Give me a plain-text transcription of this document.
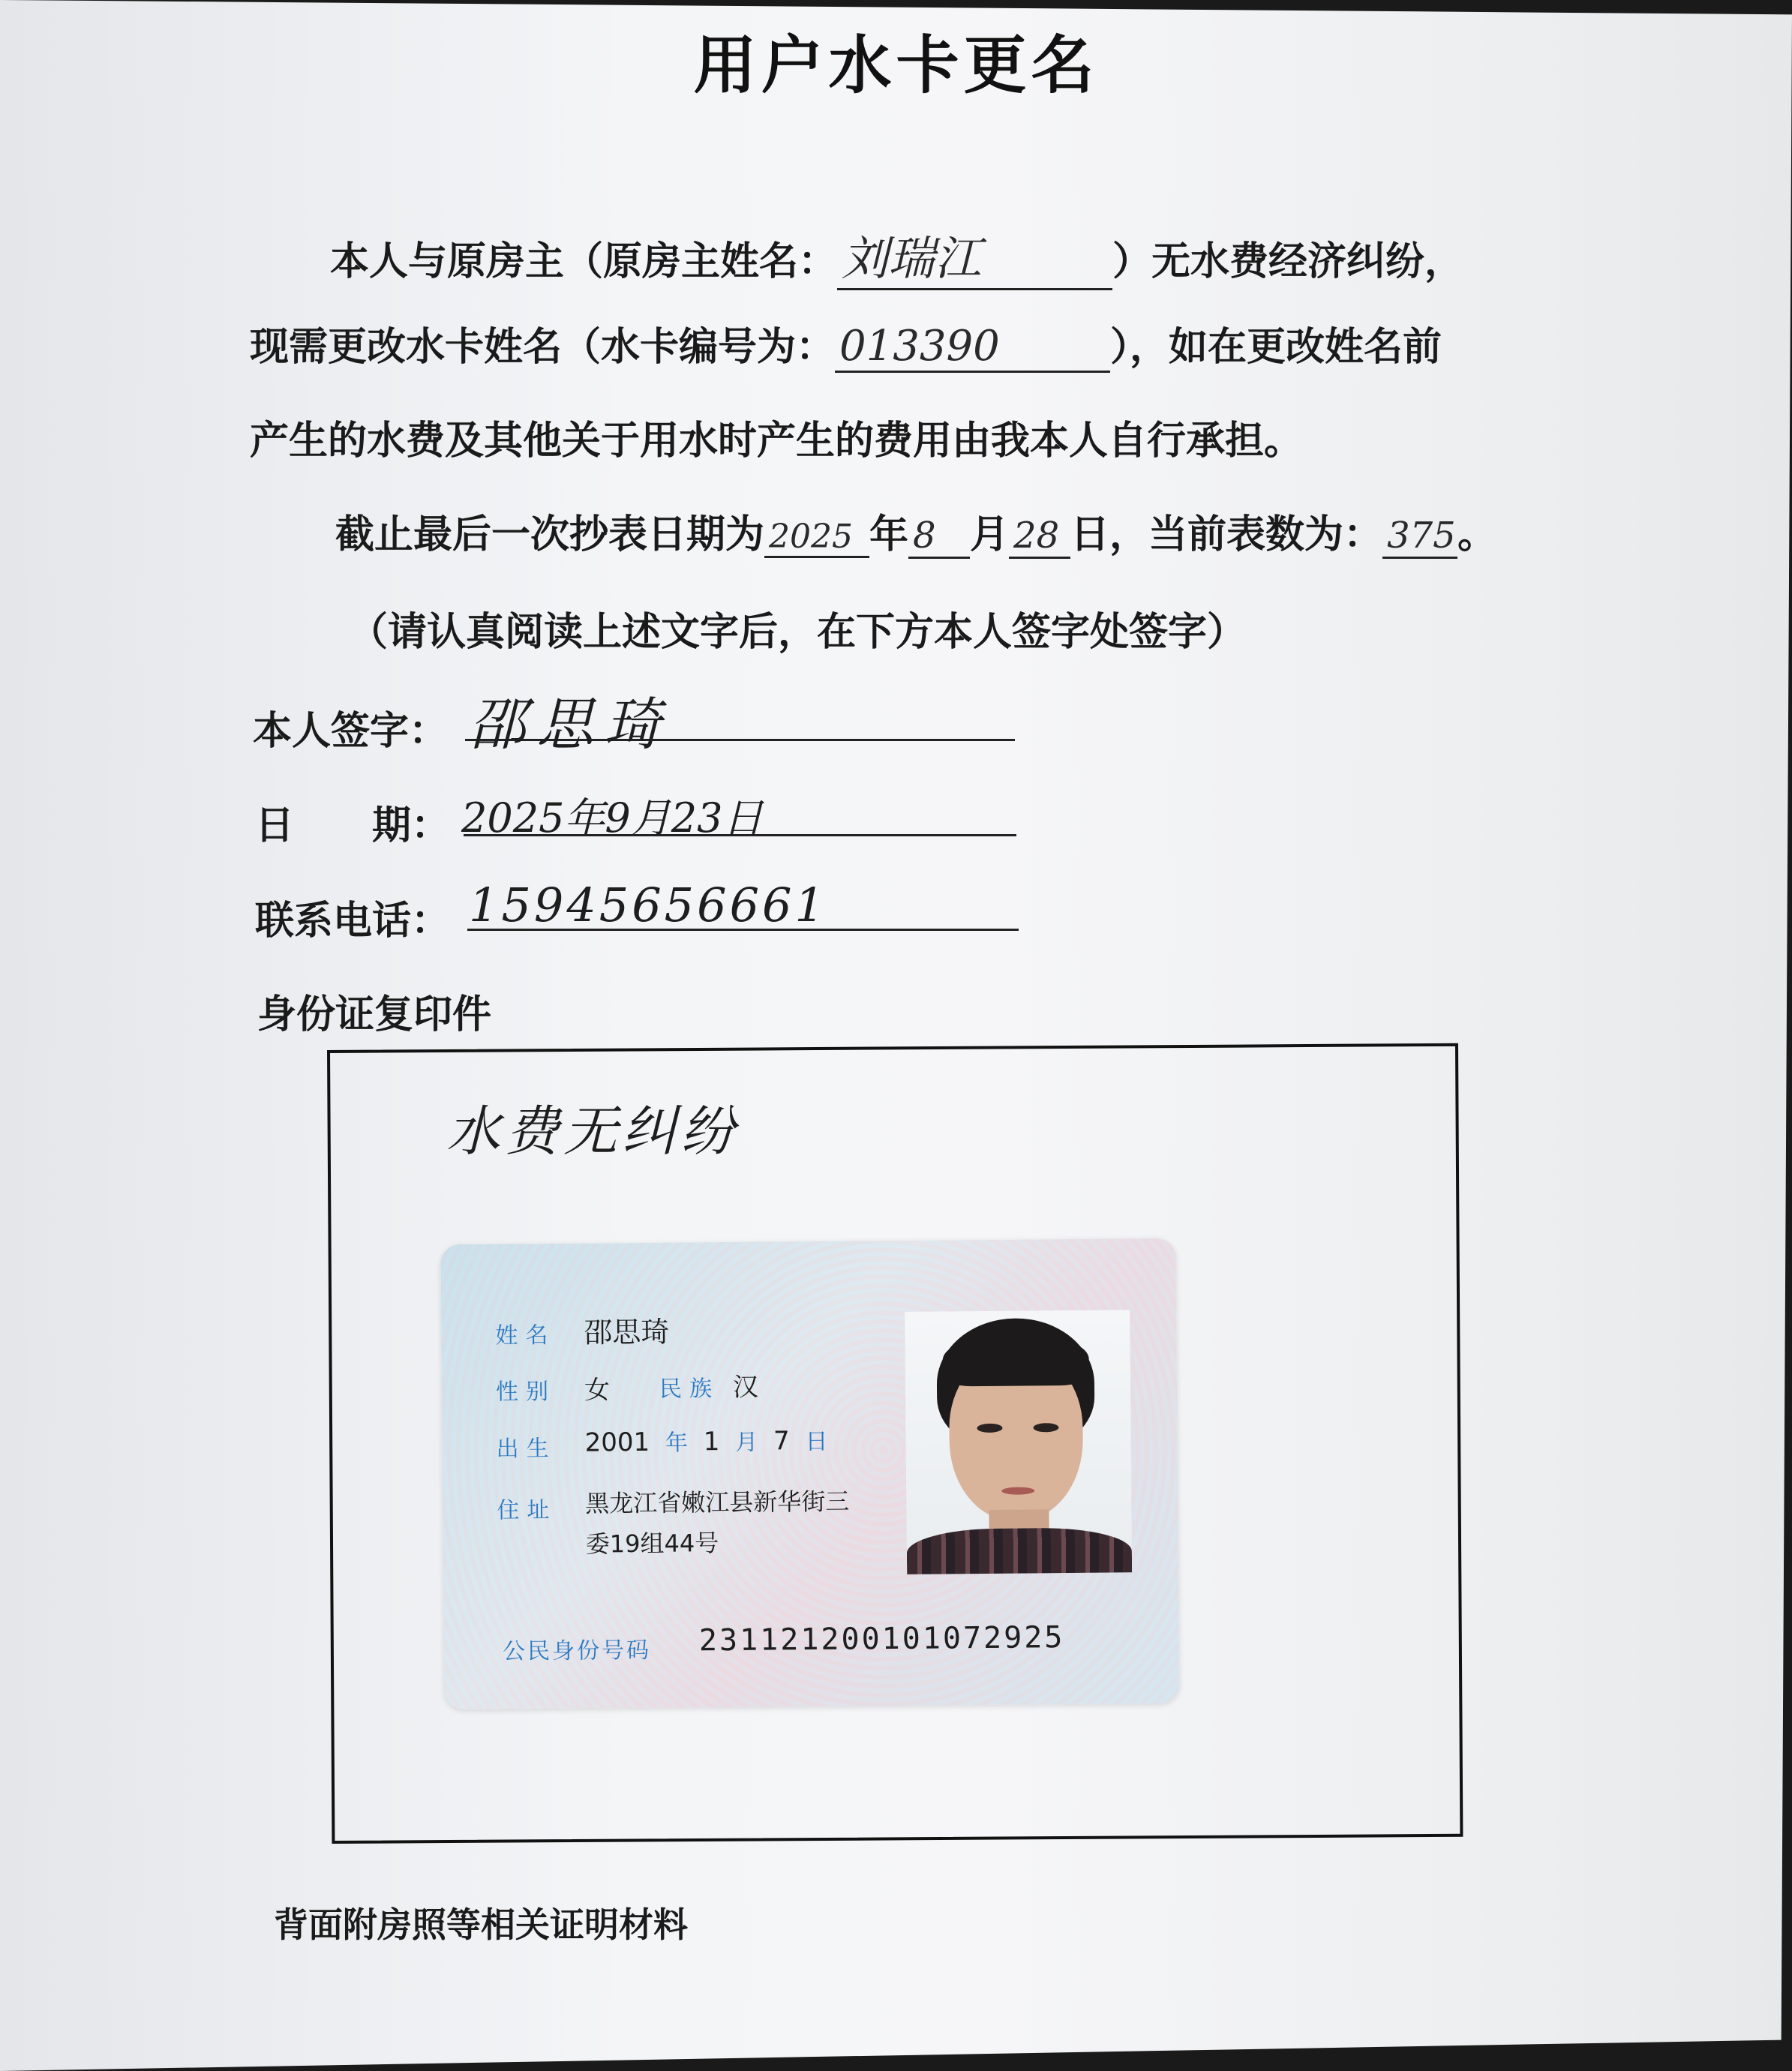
用户水卡更名
本人与原房主（原房主姓名：刘瑞江	）无水费经济纠纷，
现需更改水卡姓名（水卡编号为： 013390	），如在更改姓名前
产生的水费及其他关于用水时产生的费用由我本人自行承担。
截止最后一次抄表日期为 2025 年 8 月 28 日，当前表数为： 375。
（请认真阅读上述文字后，在下方本人签字处签字）
本人签字： 邵思琦
日　　期： 2025年9月23日
联系电话： 15945656661
身份证复印件
水费无纠纷
姓名 邵思琦
性别 女 民族 汉
出生 2001 年 1 月 7 日
住址 黑龙江省嫩江县新华街三
委19组44号
公民身份号码 231121200101072925
背面附房照等相关证明材料
